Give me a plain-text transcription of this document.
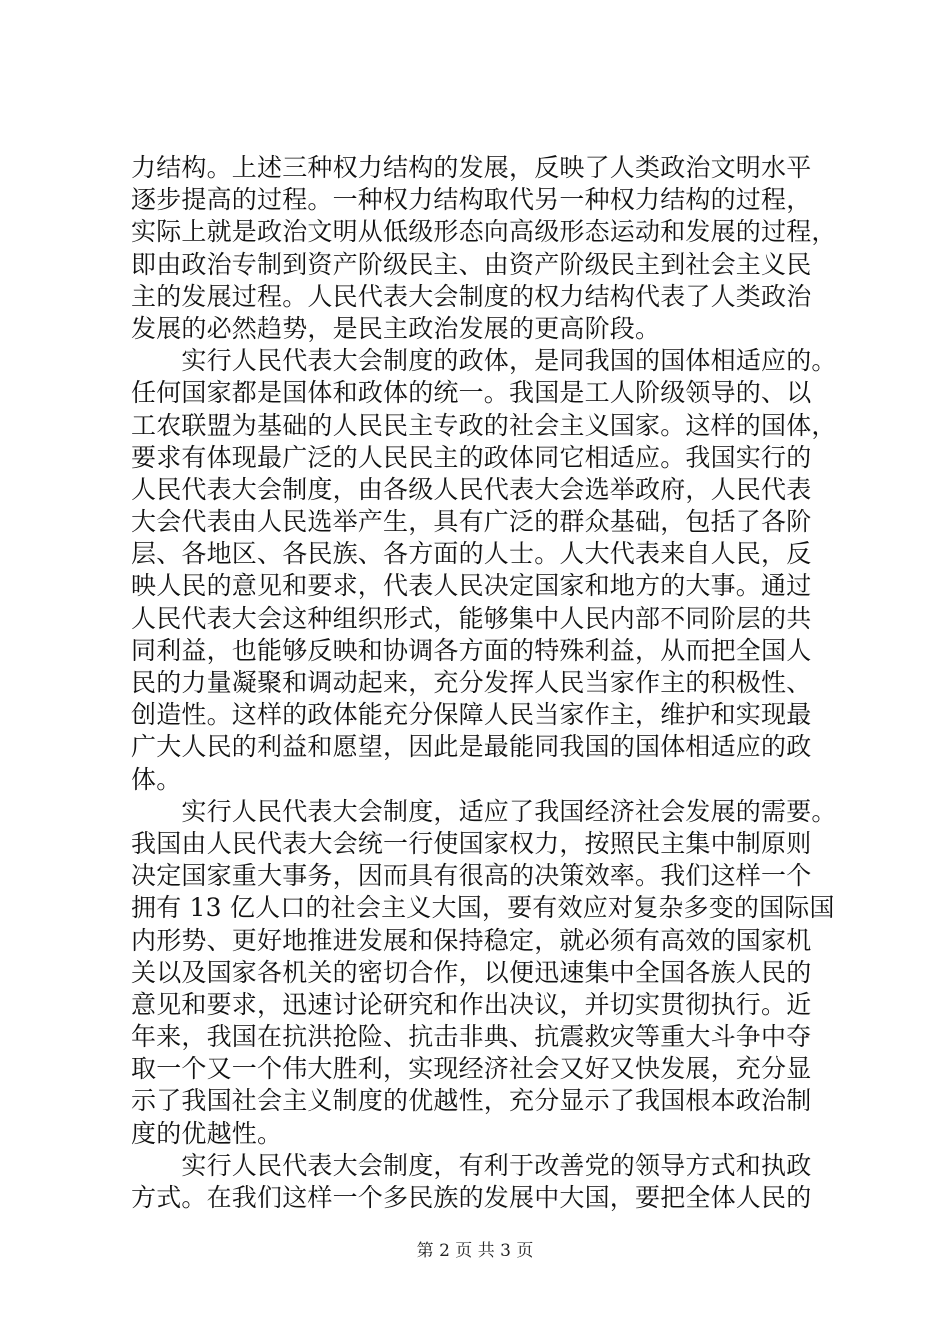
力结构。上述三种权力结构的发展，反映了人类政治文明水平
逐步提高的过程。一种权力结构取代另一种权力结构的过程，
实际上就是政治文明从低级形态向高级形态运动和发展的过程，
即由政治专制到资产阶级民主、由资产阶级民主到社会主义民
主的发展过程。人民代表大会制度的权力结构代表了人类政治
发展的必然趋势，是民主政治发展的更高阶段。
　　实行人民代表大会制度的政体，是同我国的国体相适应的。
任何国家都是国体和政体的统一。我国是工人阶级领导的、以
工农联盟为基础的人民民主专政的社会主义国家。这样的国体，
要求有体现最广泛的人民民主的政体同它相适应。我国实行的
人民代表大会制度，由各级人民代表大会选举政府，人民代表
大会代表由人民选举产生，具有广泛的群众基础，包括了各阶
层、各地区、各民族、各方面的人士。人大代表来自人民，反
映人民的意见和要求，代表人民决定国家和地方的大事。通过
人民代表大会这种组织形式，能够集中人民内部不同阶层的共
同利益，也能够反映和协调各方面的特殊利益，从而把全国人
民的力量凝聚和调动起来，充分发挥人民当家作主的积极性、
创造性。这样的政体能充分保障人民当家作主，维护和实现最
广大人民的利益和愿望，因此是最能同我国的国体相适应的政
体。
　　实行人民代表大会制度，适应了我国经济社会发展的需要。
我国由人民代表大会统一行使国家权力，按照民主集中制原则
决定国家重大事务，因而具有很高的决策效率。我们这样一个
拥有 13 亿人口的社会主义大国，要有效应对复杂多变的国际国
内形势、更好地推进发展和保持稳定，就必须有高效的国家机
关以及国家各机关的密切合作，以便迅速集中全国各族人民的
意见和要求，迅速讨论研究和作出决议，并切实贯彻执行。近
年来，我国在抗洪抢险、抗击非典、抗震救灾等重大斗争中夺
取一个又一个伟大胜利，实现经济社会又好又快发展，充分显
示了我国社会主义制度的优越性，充分显示了我国根本政治制
度的优越性。
　　实行人民代表大会制度，有利于改善党的领导方式和执政
方式。在我们这样一个多民族的发展中大国，要把全体人民的
第 2 页 共 3 页
